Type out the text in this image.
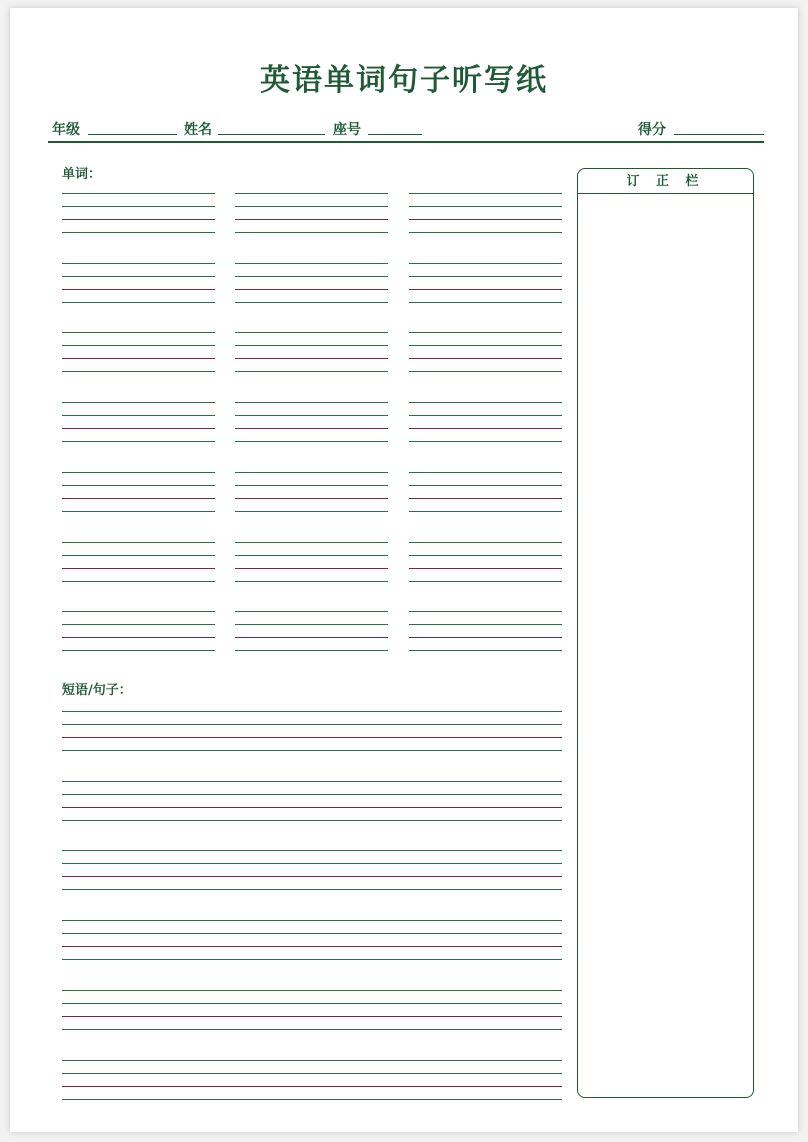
英语单词句子听写纸
年级	姓名	座号	得分
单词：
短语/句子：
订 正 栏
